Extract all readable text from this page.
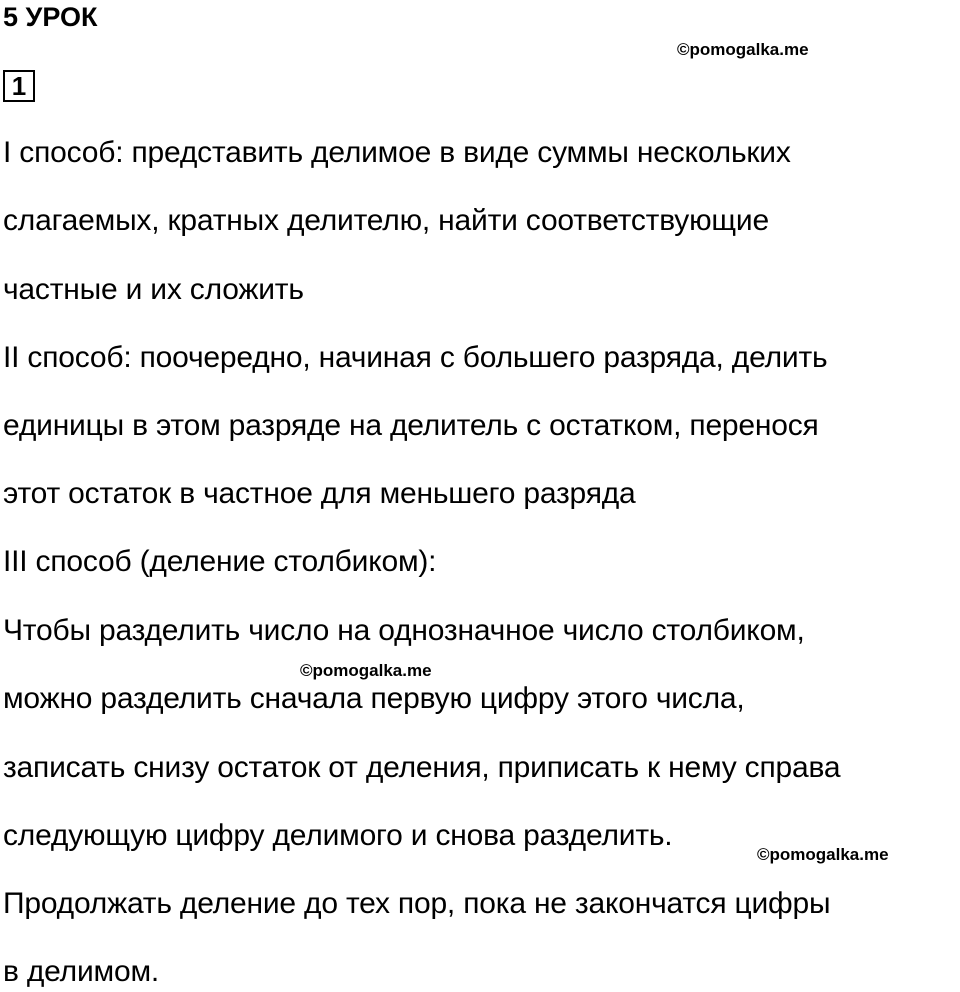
5 УРОК
©pomogalka.me
1
I способ: представить делимое в виде суммы нескольких
слагаемых, кратных делителю, найти соответствующие
частные и их сложить
II способ: поочередно, начиная с большего разряда, делить
единицы в этом разряде на делитель с остатком, перенося
этот остаток в частное для меньшего разряда
III способ (деление столбиком):
Чтобы разделить число на однозначное число столбиком,
©pomogalka.me
можно разделить сначала первую цифру этого числа,
записать снизу остаток от деления, приписать к нему справа
следующую цифру делимого и снова разделить.
©pomogalka.me
Продолжать деление до тех пор, пока не закончатся цифры
в делимом.
